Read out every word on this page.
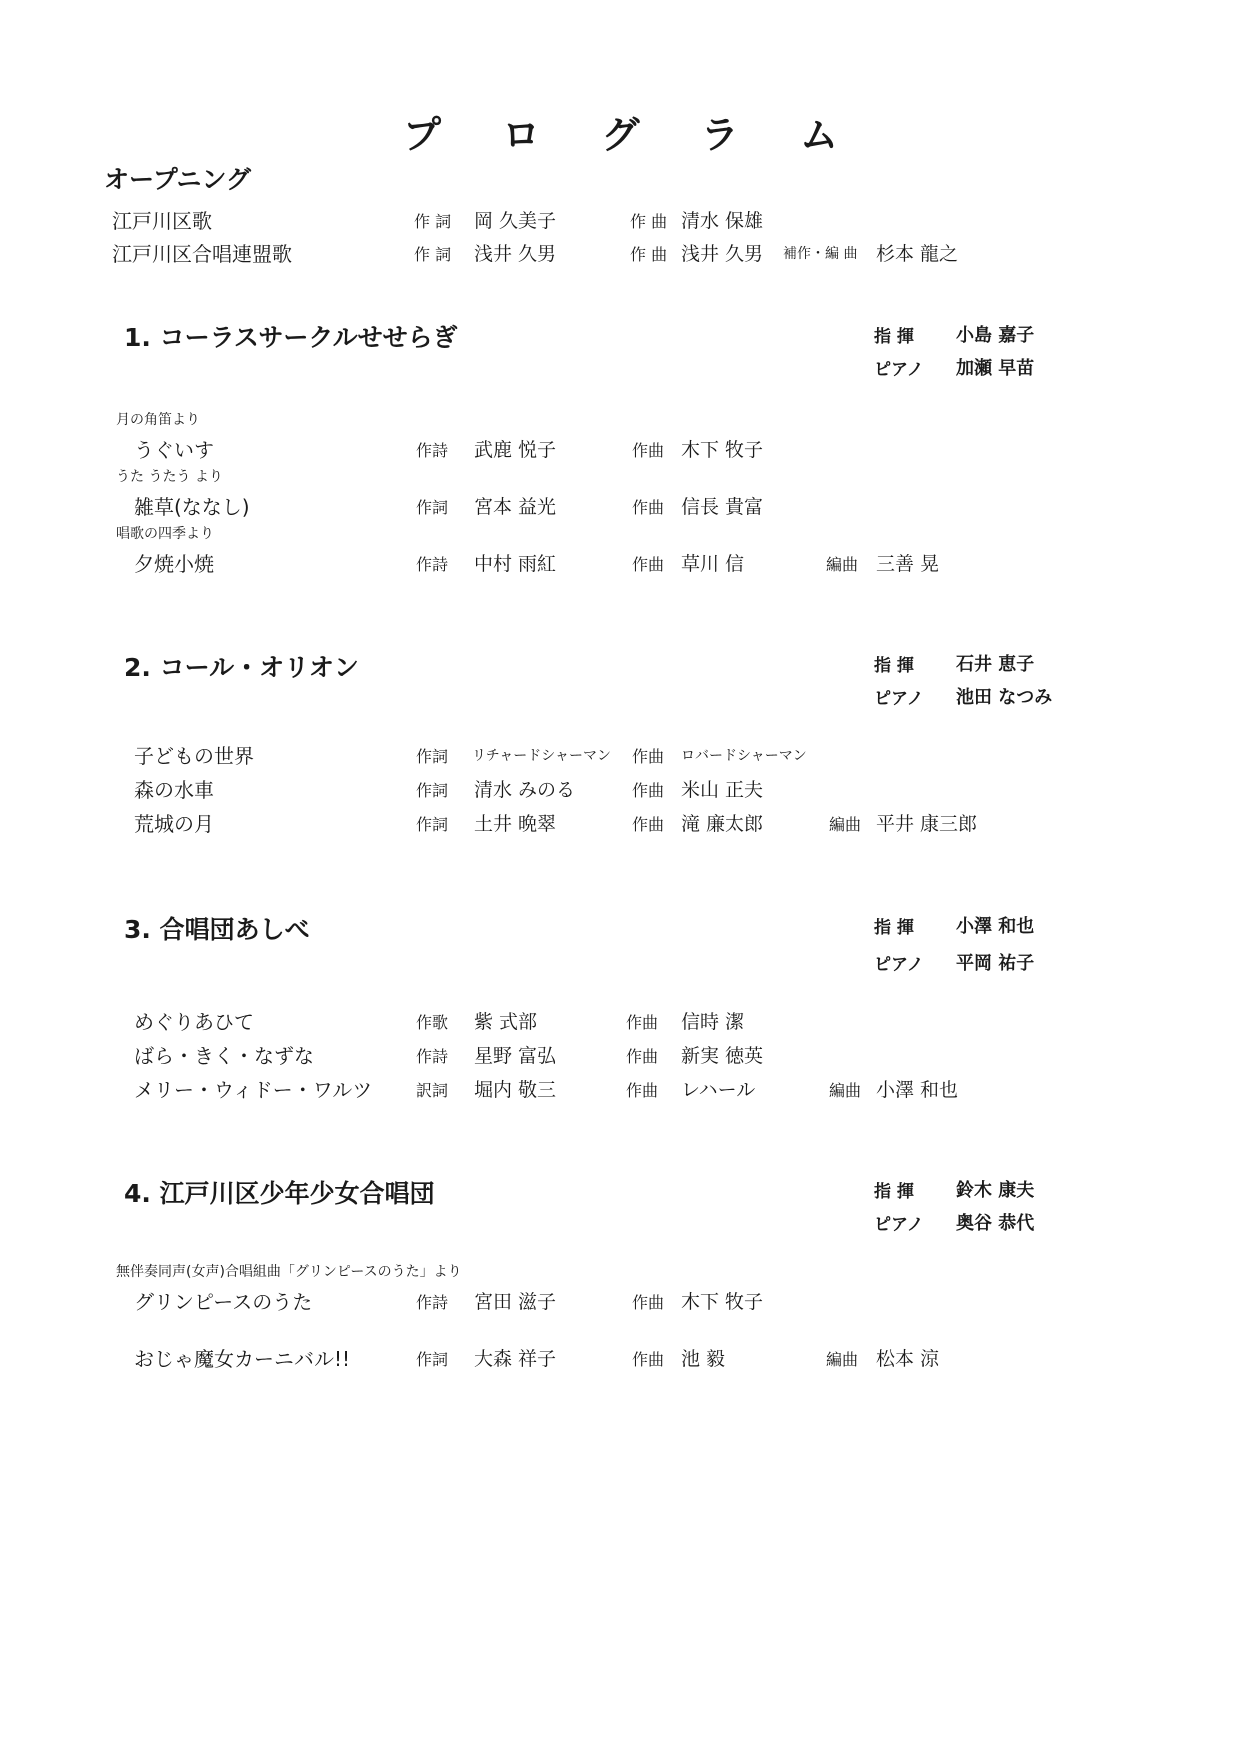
プ ロ グ ラ ム
オープニング
江戸川区歌	作 詞 岡 久美子	作 曲 清水 保雄
江戸川区合唱連盟歌	作 詞 浅井 久男	作 曲 浅井 久男 補作・編 曲 杉本 龍之
1. コーラスサークルせせらぎ	指 揮 小島 嘉子
ピアノ 加瀬 早苗
月の角笛より
うぐいす	作詩 武鹿 悦子	作曲 木下 牧子
うた うたう より
雑草(ななし)	作詞 宮本 益光	作曲 信長 貴富
唱歌の四季より
夕焼小焼	作詩 中村 雨紅	作曲 草川 信	編曲 三善 晃
2. コール・オリオン	指 揮 石井 恵子
ピアノ 池田 なつみ
子どもの世界	作詞 リチャードシャーマン 作曲 ロバードシャーマン
森の水車	作詞 清水 みのる	作曲 米山 正夫
荒城の月	作詞 土井 晩翠	作曲 滝 廉太郎	編曲 平井 康三郎
3. 合唱団あしべ	指 揮 小澤 和也
ピアノ 平岡 祐子
めぐりあひて	作歌 紫 式部	作曲 信時 潔
ばら・きく・なずな	作詩 星野 富弘	作曲 新実 徳英
メリー・ウィドー・ワルツ	訳詞 堀内 敬三	作曲 レハール	編曲 小澤 和也
4. 江戸川区少年少女合唱団	指 揮 鈴木 康夫
ピアノ 奥谷 恭代
無伴奏同声(女声)合唱組曲「グリンピースのうた」より
グリンピースのうた	作詩 宮田 滋子	作曲 木下 牧子
おじゃ魔女カーニバル!!	作詞 大森 祥子	作曲 池 毅	編曲 松本 涼
